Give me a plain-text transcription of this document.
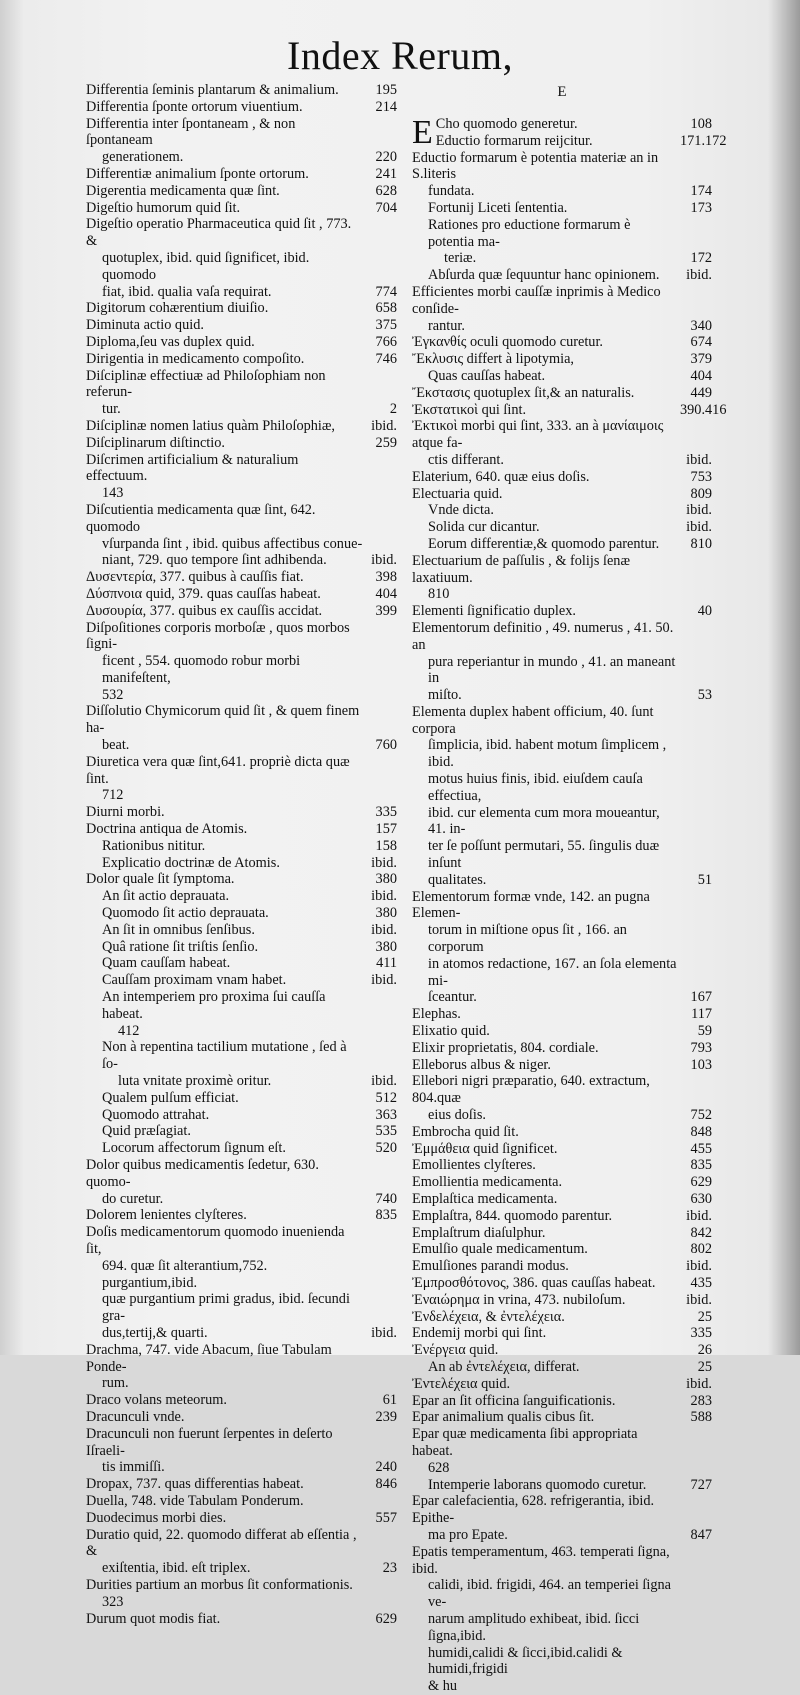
Index Rerum,
Differentia ſeminis plantarum & animalium.	195
Differentia ſponte ortorum viuentium.	214
Differentia inter ſpontaneam , & non ſpontaneam
generationem.	220
Differentiæ animalium ſponte ortorum.	241
Digerentia medicamenta quæ ſint.	628
Digeſtio humorum quid ſit.	704
Digeſtio operatio Pharmaceutica quid ſit , 773. &
quotuplex, ibid. quid ſignificet, ibid. quomodo
fiat, ibid. qualia vaſa requirat.	774
Digitorum cohærentium diuiſio.	658
Diminuta actio quid.	375
Diploma,ſeu vas duplex quid.	766
Dirigentia in medicamento compoſito.	746
Diſciplinæ effectiuæ ad Philoſophiam non referun-
tur.	2
Diſciplinæ nomen latius quàm Philoſophiæ,	ibid.
Diſciplinarum diſtinctio.	259
Diſcrimen artificialium & naturalium effectuum.
143
Diſcutientia medicamenta quæ ſint, 642. quomodo
vſurpanda ſint , ibid. quibus affectibus conue-
niant, 729. quo tempore ſint adhibenda.	ibid.
Δυσεντερία, 377. quibus à cauſſis fiat.	398
Δύσπνοια quid, 379. quas cauſſas habeat.	404
Δυσουρία, 377. quibus ex cauſſis accidat.	399
Diſpoſitiones corporis morboſæ , quos morbos ſigni-
ficent , 554. quomodo robur morbi manifeſtent,
532
Diſſolutio Chymicorum quid ſit , & quem finem ha-
beat.	760
Diuretica vera quæ ſint,641. propriè dicta quæ ſint.
712
Diurni morbi.	335
Doctrina antiqua de Atomis.	157
Rationibus nititur.	158
Explicatio doctrinæ de Atomis.	ibid.
Dolor quale ſit ſymptoma.	380
An ſit actio deprauata.	ibid.
Quomodo ſit actio deprauata.	380
An ſit in omnibus ſenſibus.	ibid.
Quâ ratione ſit triſtis ſenſio.	380
Quam cauſſam habeat.	411
Cauſſam proximam vnam habet.	ibid.
An intemperiem pro proxima ſui cauſſa habeat.
412
Non à repentina tactilium mutatione , ſed à ſo-
luta vnitate proximè oritur.	ibid.
Qualem pulſum efficiat.	512
Quomodo attrahat.	363
Quid præſagiat.	535
Locorum affectorum ſignum eſt.	520
Dolor quibus medicamentis ſedetur, 630. quomo-
do curetur.	740
Dolorem lenientes clyſteres.	835
Doſis medicamentorum quomodo inuenienda ſit,
694. quæ ſit alterantium,752. purgantium,ibid.
quæ purgantium primi gradus, ibid. ſecundi gra-
dus,tertij,& quarti.	ibid.
Drachma, 747. vide Abacum, ſiue Tabulam Ponde-
rum.
Draco volans meteorum.	61
Dracunculi vnde.	239
Dracunculi non fuerunt ſerpentes in deſerto Iſraeli-
tis immiſſi.	240
Dropax, 737. quas differentias habeat.	846
Duella, 748. vide Tabulam Ponderum.
Duodecimus morbi dies.	557
Duratio quid, 22. quomodo differat ab eſſentia , &
exiſtentia, ibid. eſt triplex.	23
Durities partium an morbus ſit conformationis.
323
Durum quot modis fiat.	629
E
E Cho quomodo generetur.	108
Eductio formarum reijcitur.	171.172
Eductio formarum è potentia materiæ an in S.literis
fundata.	174
Fortunij Liceti ſententia.	173
Rationes pro eductione formarum è potentia ma-
teriæ.	172
Abſurda quæ ſequuntur hanc opinionem.	ibid.
Efficientes morbi cauſſæ inprimis à Medico conſide-
rantur.	340
Ἐγκανθίς oculi quomodo curetur.	674
Ἔκλυσις differt à lipotymia,	379
Quas cauſſas habeat.	404
Ἔκστασις quotuplex ſit,& an naturalis.	449
Ἐκστατικοὶ qui ſint.	390.416
Ἐκτικοὶ morbi qui ſint, 333. an à μανίαιμοις atque fa-
ctis differant.	ibid.
Elaterium, 640. quæ eius doſis.	753
Electuaria quid.	809
Vnde dicta.	ibid.
Solida cur dicantur.	ibid.
Eorum differentiæ,& quomodo parentur.	810
Electuarium de paſſulis , & folijs ſenæ laxatiuum.
810
Elementi ſignificatio duplex.	40
Elementorum definitio , 49. numerus , 41. 50. an
pura reperiantur in mundo , 41. an maneant in
miſto.	53
Elementa duplex habent officium, 40. ſunt corpora
ſimplicia, ibid. habent motum ſimplicem , ibid.
motus huius finis, ibid. eiuſdem cauſa effectiua,
ibid. cur elementa cum mora moueantur, 41. in-
ter ſe poſſunt permutari, 55. ſingulis duæ inſunt
qualitates.	51
Elementorum formæ vnde, 142. an pugna Elemen-
torum in miſtione opus ſit , 166. an corporum
in atomos redactione, 167. an ſola elementa mi-
ſceantur.	167
Elephas.	117
Elixatio quid.	59
Elixir proprietatis, 804. cordiale.	793
Elleborus albus & niger.	103
Ellebori nigri præparatio, 640. extractum, 804.quæ
eius doſis.	752
Embrocha quid ſit.	848
Ἐμμάθεια quid ſignificet.	455
Emollientes clyſteres.	835
Emollientia medicamenta.	629
Emplaſtica medicamenta.	630
Emplaſtra, 844. quomodo parentur.	ibid.
Emplaſtrum diaſulphur.	842
Emulſio quale medicamentum.	802
Emulſiones parandi modus.	ibid.
Ἐμπροσθότονος, 386. quas cauſſas habeat.	435
Ἐναιώρημα in vrina, 473. nubiloſum.	ibid.
Ἐνδελέχεια, & ἐντελέχεια.	25
Endemij morbi qui ſint.	335
Ἐνέργεια quid.	26
An ab ἐντελέχεια, differat.	25
Ἐντελέχεια quid.	ibid.
Epar an ſit officina ſanguificationis.	283
Epar animalium qualis cibus ſit.	588
Epar quæ medicamenta ſibi appropriata habeat.
628
Intemperie laborans quomodo curetur.	727
Epar calefacientia, 628. refrigerantia, ibid. Epithe-
ma pro Epate.	847
Epatis temperamentum, 463. temperati ſigna, ibid.
calidi, ibid. frigidi, 464. an temperiei ſigna ve-
narum amplitudo exhibeat, ibid. ſicci ſigna,ibid.
humidi,calidi & ſicci,ibid.calidi & humidi,frigidi
& hu
